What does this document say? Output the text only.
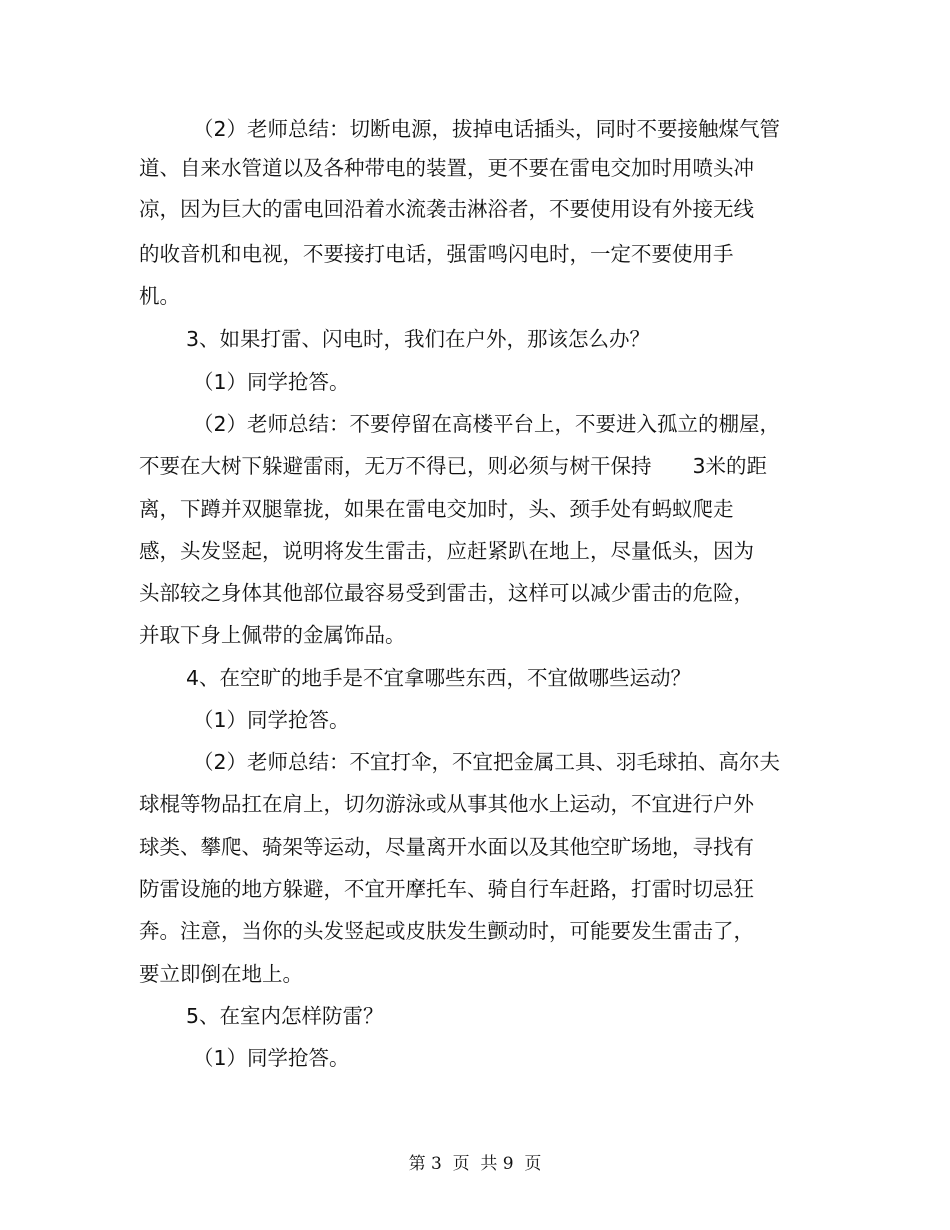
（2）老师总结：切断电源，拔掉电话插头，同时不要接触煤气管
道、自来水管道以及各种带电的装置，更不要在雷电交加时用喷头冲
凉，因为巨大的雷电回沿着水流袭击淋浴者，不要使用设有外接无线
的收音机和电视，不要接打电话，强雷鸣闪电时，一定不要使用手
机。
3、如果打雷、闪电时，我们在户外，那该怎么办？
（1）同学抢答。
（2）老师总结：不要停留在高楼平台上，不要进入孤立的棚屋，
不要在大树下躲避雷雨，无万不得已，则必须与树干保持　　3米的距
离，下蹲并双腿靠拢，如果在雷电交加时，头、颈手处有蚂蚁爬走
感，头发竖起，说明将发生雷击，应赶紧趴在地上，尽量低头，因为
头部较之身体其他部位最容易受到雷击，这样可以减少雷击的危险，
并取下身上佩带的金属饰品。
4、在空旷的地手是不宜拿哪些东西，不宜做哪些运动？
（1）同学抢答。
（2）老师总结：不宜打伞，不宜把金属工具、羽毛球拍、高尔夫
球棍等物品扛在肩上，切勿游泳或从事其他水上运动，不宜进行户外
球类、攀爬、骑架等运动，尽量离开水面以及其他空旷场地，寻找有
防雷设施的地方躲避，不宜开摩托车、骑自行车赶路，打雷时切忌狂
奔。注意，当你的头发竖起或皮肤发生颤动时，可能要发生雷击了，
要立即倒在地上。
5、在室内怎样防雷？
（1）同学抢答。
第 3  页  共 9  页
